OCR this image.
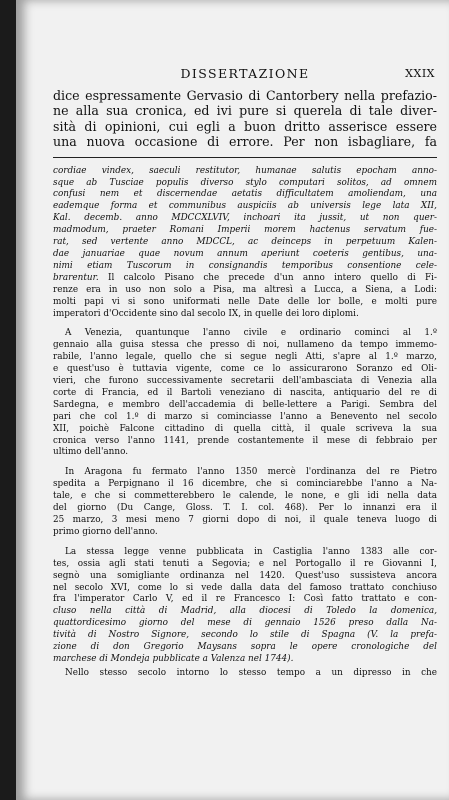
DISSERTAZIONE	XXIX

dice espressamente Gervasio di Cantorbery nella prefazio-

ne alla sua cronica, ed ivi pure si querela di tale diver-

sità di opinioni, cui egli a buon dritto asserisce essere

una nuova occasione di errore. Per non isbagliare, fa

cordiae vindex, saeculi restitutor, humanae salutis epocham anno-

sque ab Tusciae populis diverso stylo computari solitos, ad omnem

confusi nem et discernendae aetatis difficultatem amoliendam, una

eademque forma et communibus auspiciis ab universis lege lata XII,

Kal. decemb. anno MDCCXLVIV, inchoari ita jussit, ut non quer-

madmodum, praeter Romani Imperii morem hactenus servatum fue-

rat, sed vertente anno MDCCL, ac deinceps in perpetuum Kalen-

dae januariae quae novum annum aperiunt coeteris gentibus, una-

nimi etiam Tuscorum in consignandis temporibus consentione cele-

brarentur. Il calcolo Pisano che precede d'un anno intero quello di Fi-

renze era in uso non solo a Pisa, ma altresì a Lucca, a Siena, a Lodi:

molti papi vi si sono uniformati nelle Date delle lor bolle, e molti pure

imperatori d'Occidente sino dal secolo IX, in quelle dei loro diplomi.

A Venezia, quantunque l'anno civile e ordinario cominci al 1.º

gennaio alla guisa stessa che presso di noi, nullameno da tempo immemo-

rabile, l'anno legale, quello che si segue negli Atti, s'apre al 1.º marzo,

e quest'uso è tuttavia vigente, come ce lo assicurarono Soranzo ed Oli-

vieri, che furono successivamente secretarii dell'ambasciata di Venezia alla

corte di Francia, ed il Bartoli veneziano di nascita, antiquario del re di

Sardegna, e membro dell'accademia di belle-lettere a Parigi. Sembra del

pari che col 1.º di marzo si cominciasse l'anno a Benevento nel secolo

XII, poichè Falcone cittadino di quella città, il quale scriveva la sua

cronica verso l'anno 1141, prende costantemente il mese di febbraio per

ultimo dell'anno.

In Aragona fu fermato l'anno 1350 mercè l'ordinanza del re Pietro

spedita a Perpignano il 16 dicembre, che si cominciarebbe l'anno a Na-

tale, e che si commetterebbero le calende, le none, e gli idi nella data

del giorno (Du Cange, Gloss. T. I. col. 468). Per lo innanzi era il

25 marzo, 3 mesi meno 7 giorni dopo di noi, il quale teneva luogo di

primo giorno dell'anno.

La stessa legge venne pubblicata in Castiglia l'anno 1383 alle cor-

tes, ossia agli stati tenuti a Segovia; e nel Portogallo il re Giovanni I,

segnò una somigliante ordinanza nel 1420. Quest'uso sussisteva ancora

nel secolo XVI, come lo si vede dalla data del famoso trattato conchiuso

fra l'imperator Carlo V, ed il re Francesco I: Così fatto trattato e con-

cluso nella città di Madrid, alla diocesi di Toledo la domenica,

quattordicesimo giorno del mese di gennaio 1526 preso dalla Na-

tività di Nostro Signore, secondo lo stile di Spagna (V. la prefa-

zione di don Gregorio Maysans sopra le opere cronologiche del

marchese di Mondeja pubblicate a Valenza nel 1744).

Nello stesso secolo intorno lo stesso tempo a un dipresso in che
